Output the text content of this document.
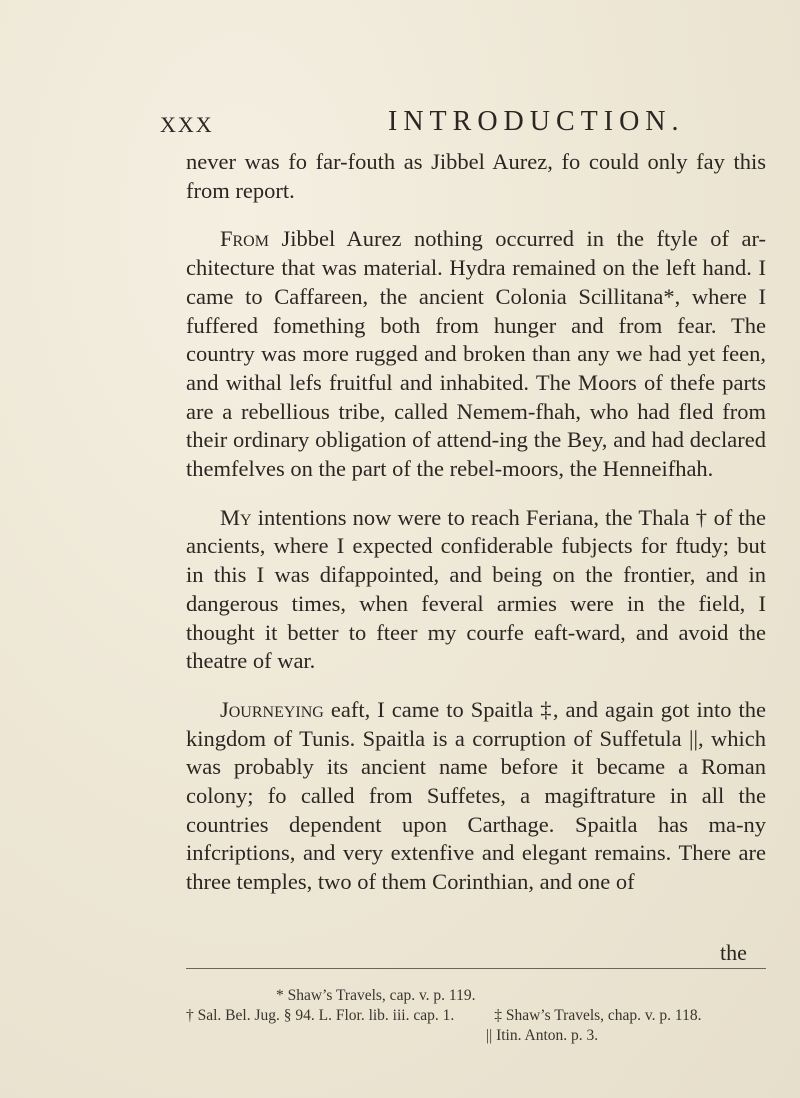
XXX	INTRODUCTION.

never was fo far-fouth as Jibbel Aurez, fo could only fay this from report.

From Jibbel Aurez nothing occurred in the ftyle of ar-chitecture that was material. Hydra remained on the left hand. I came to Caffareen, the ancient Colonia Scillitana*, where I fuffered fomething both from hunger and from fear. The country was more rugged and broken than any we had yet feen, and withal lefs fruitful and inhabited. The Moors of thefe parts are a rebellious tribe, called Nemem-fhah, who had fled from their ordinary obligation of attend-ing the Bey, and had declared themfelves on the part of the rebel-moors, the Henneifhah.

My intentions now were to reach Feriana, the Thala † of the ancients, where I expected confiderable fubjects for ftudy; but in this I was difappointed, and being on the frontier, and in dangerous times, when feveral armies were in the field, I thought it better to fteer my courfe eaft-ward, and avoid the theatre of war.

Journeying eaft, I came to Spaitla ‡, and again got into the kingdom of Tunis. Spaitla is a corruption of Suffetula ||, which was probably its ancient name before it became a Roman colony; fo called from Suffetes, a magiftrature in all the countries dependent upon Carthage. Spaitla has ma-ny infcriptions, and very extenfive and elegant remains. There are three temples, two of them Corinthian, and one of

the
* Shaw’s Travels, cap. v. p. 119.
† Sal. Bel. Jug. § 94. L. Flor. lib. iii. cap. 1.	‡ Shaw’s Travels, chap. v. p. 118.
|| Itin. Anton. p. 3.
